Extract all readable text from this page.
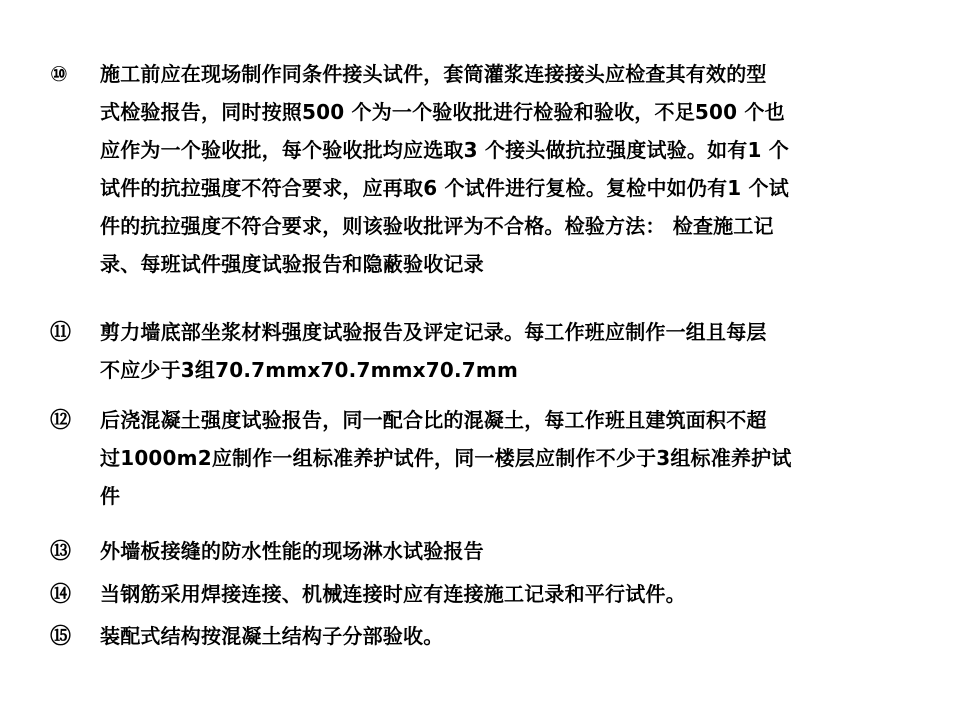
⑩	施工前应在现场制作同条件接头试件，套筒灌浆连接接头应检查其有效的型
式检验报告，同时按照500 个为一个验收批进行检验和验收，不足500 个也
应作为一个验收批，每个验收批均应选取3 个接头做抗拉强度试验。如有1 个
试件的抗拉强度不符合要求，应再取6 个试件进行复检。复检中如仍有1 个试
件的抗拉强度不符合要求，则该验收批评为不合格。检验方法： 检查施工记
录、每班试件强度试验报告和隐蔽验收记录
⑪	剪力墙底部坐浆材料强度试验报告及评定记录。每工作班应制作一组且每层
不应少于3组70.7mmx70.7mmx70.7mm
⑫	后浇混凝土强度试验报告，同一配合比的混凝土，每工作班且建筑面积不超
过1000m2应制作一组标准养护试件，同一楼层应制作不少于3组标准养护试
件
⑬	外墙板接缝的防水性能的现场淋水试验报告
⑭	当钢筋采用焊接连接、机械连接时应有连接施工记录和平行试件。
⑮	装配式结构按混凝土结构子分部验收。
